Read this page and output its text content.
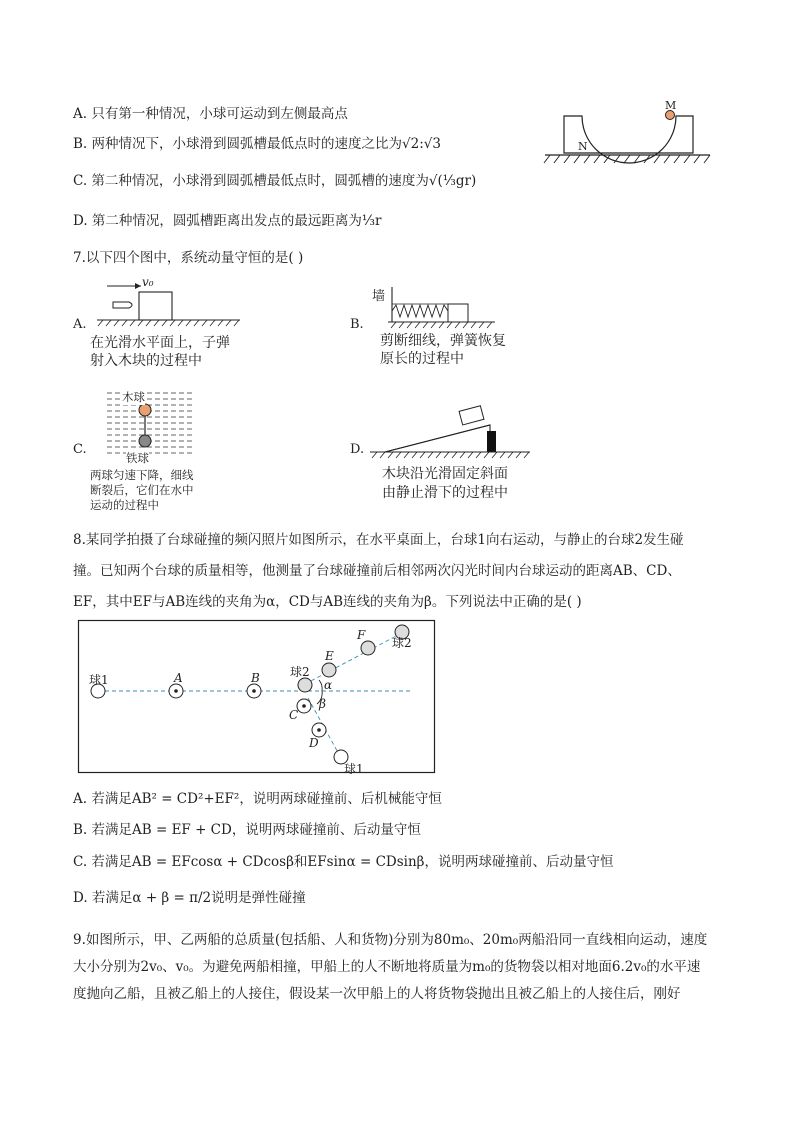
A. 只有第一种情况，小球可运动到左侧最高点
B. 两种情况下，小球滑到圆弧槽最低点时的速度之比为√2:√3
C. 第二种情况，小球滑到圆弧槽最低点时，圆弧槽的速度为√(⅓gr)
D. 第二种情况，圆弧槽距离出发点的最远距离为⅓r
M
N
7.以下四个图中，系统动量守恒的是( )
v₀
A.
在光滑水平面上，子弹
射入木块的过程中
墙
B.
剪断细线，弹簧恢复
原长的过程中
木球
铁球
C.
两球匀速下降，细线
断裂后，它们在水中
运动的过程中
D.
木块沿光滑固定斜面
由静止滑下的过程中
8.某同学拍摄了台球碰撞的频闪照片如图所示，在水平桌面上，台球1向右运动，与静止的台球2发生碰
撞。已知两个台球的质量相等，他测量了台球碰撞前后相邻两次闪光时间内台球运动的距离AB、CD、
EF，其中EF与AB连线的夹角为α，CD与AB连线的夹角为β。下列说法中正确的是( )
球1	A	B	球2
E
F
球2
α
β
C
D
球1
A. 若满足AB² = CD²+EF²，说明两球碰撞前、后机械能守恒
B. 若满足AB = EF + CD，说明两球碰撞前、后动量守恒
C. 若满足AB = EFcosα + CDcosβ和EFsinα = CDsinβ，说明两球碰撞前、后动量守恒
D. 若满足α + β = π/2说明是弹性碰撞
9.如图所示，甲、乙两船的总质量(包括船、人和货物)分别为80m₀、20m₀两船沿同一直线相向运动，速度大小分别为2v₀、v₀。为避免两船相撞，甲船上的人不断地将质量为m₀的货物袋以相对地面6.2v₀的水平速度抛向乙船，且被乙船上的人接住，假设某一次甲船上的人将货物袋抛出且被乙船上的人接住后，刚好
